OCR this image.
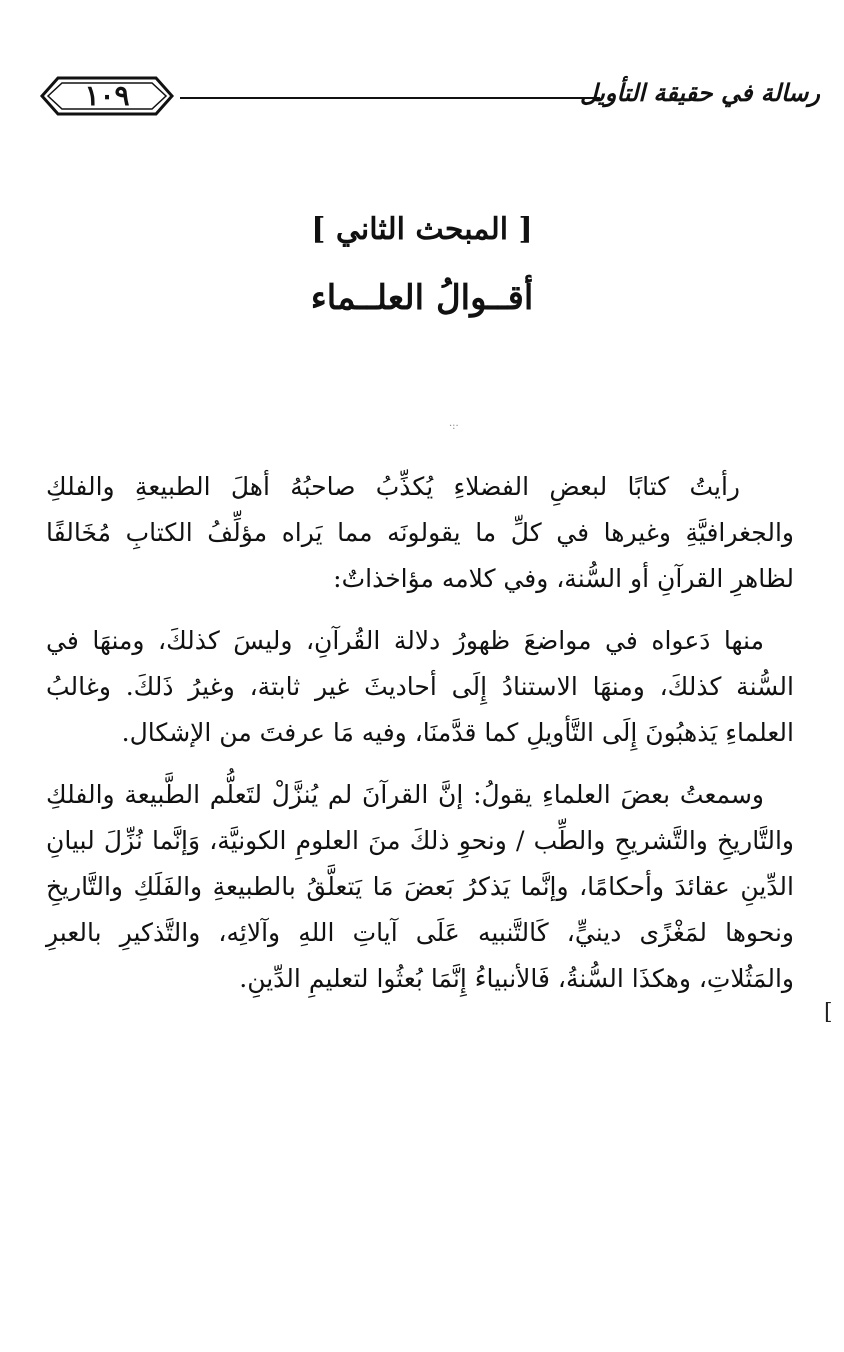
١٠٩	رسالة في حقيقة التأويل
[ المبحث الثاني ]
أقــوالُ العلــماء
·:·

رأيتُ كتابًا لبعضِ الفضلاءِ يُكذِّبُ صاحبُهُ أهلَ الطبيعةِ والفلكِ والجغرافيَّةِ وغيرها في كلِّ ما يقولونَه مما يَراه مؤلِّفُ الكتابِ مُخَالفًا لظاهرِ القرآنِ أو السُّنة، وفي كلامه مؤاخذاتٌ:

منها دَعواه في مواضعَ ظهورُ دلالة القُرآنِ، وليسَ كذلكَ، ومنهَا في السُّنة كذلكَ، ومنهَا الاستنادُ إِلَى أحاديثَ غير ثابتة، وغيرُ ذَلكَ. وغالبُ العلماءِ يَذهبُونَ إِلَى التَّأويلِ كما قدَّمنَا، وفيه مَا عرفتَ من الإشكال.

وسمعتُ بعضَ العلماءِ يقولُ: إنَّ القرآنَ لم يُنزَّلْ لتَعلُّم الطَّبيعة والفلكِ والتَّاريخِ والتَّشريحِ والطِّب / ونحوِ ذلكَ منَ العلومِ الكونيَّة، وَإنَّما نُزِّلَ لبيانِ الدِّينِ عقائدَ وأحكامًا، وإنَّما يَذكرُ بَعضَ مَا يَتعلَّقُ بالطبيعةِ والفَلَكِ والتَّاريخِ ونحوها لمَغْزًى دينيٍّ، كَالتَّنبيه عَلَى آياتِ اللهِ وآلائِه، والتَّذكيرِ بالعبرِ والمَثُلاتِ، وهكذَا السُّنةُ، فَالأنبياءُ إِنَّمَا بُعثُوا لتعليمِ الدِّينِ.

[
